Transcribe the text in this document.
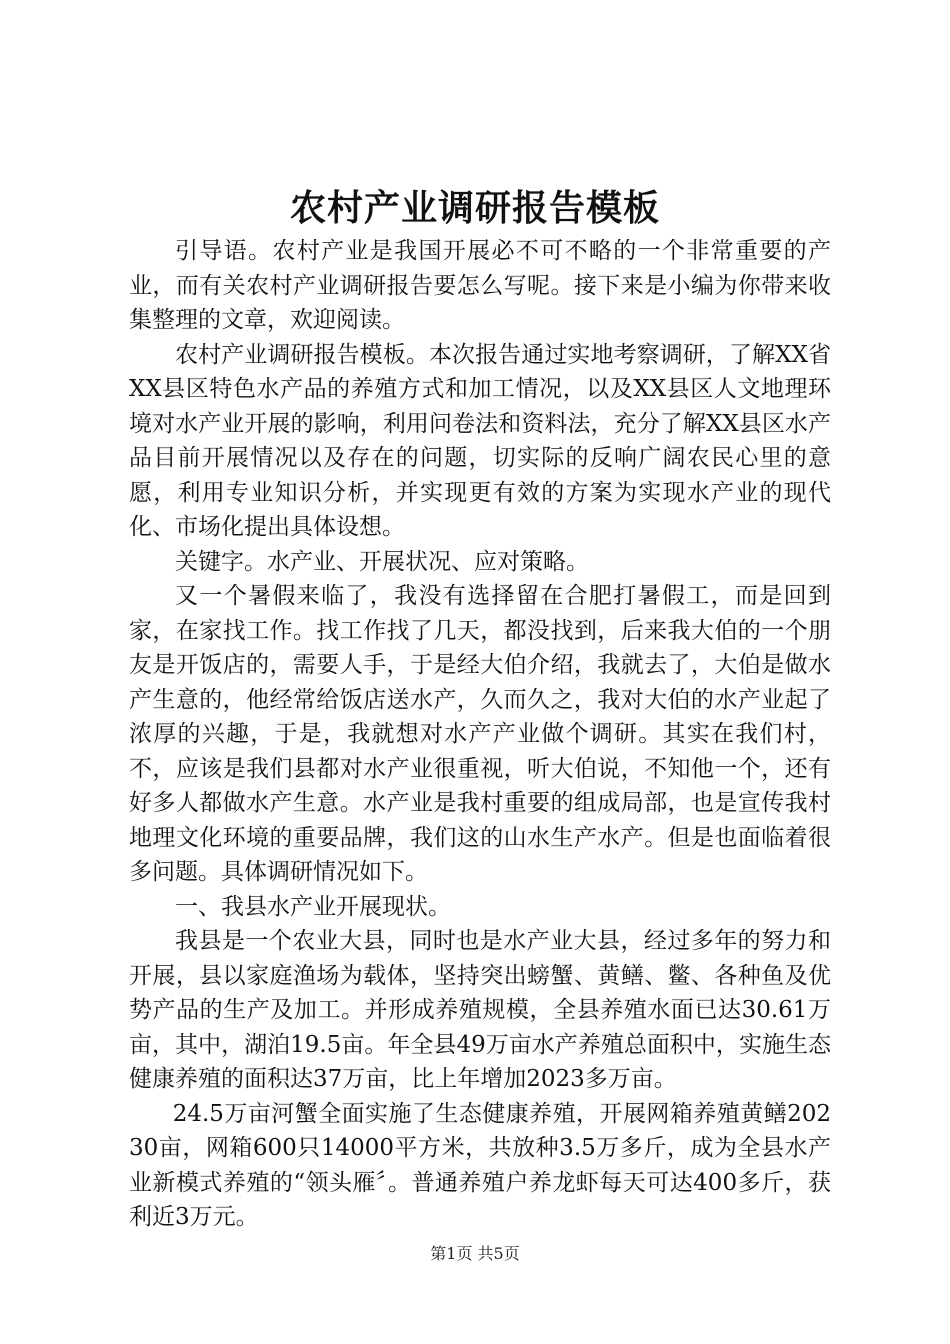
农村产业调研报告模板

引导语。农村产业是我国开展必不可不略的一个非常重要的产业，而有关农村产业调研报告要怎么写呢。接下来是小编为你带来收集整理的文章，欢迎阅读。

农村产业调研报告模板。本次报告通过实地考察调研，了解XX省XX县区特色水产品的养殖方式和加工情况，以及XX县区人文地理环境对水产业开展的影响，利用问卷法和资料法，充分了解XX县区水产品目前开展情况以及存在的问题，切实际的反响广阔农民心里的意愿，利用专业知识分析，并实现更有效的方案为实现水产业的现代化、市场化提出具体设想。

关键字。水产业、开展状况、应对策略。

又一个暑假来临了，我没有选择留在合肥打暑假工，而是回到家，在家找工作。找工作找了几天，都没找到，后来我大伯的一个朋友是开饭店的，需要人手，于是经大伯介绍，我就去了，大伯是做水产生意的，他经常给饭店送水产，久而久之，我对大伯的水产业起了浓厚的兴趣，于是，我就想对水产产业做个调研。其实在我们村，不，应该是我们县都对水产业很重视，听大伯说，不知他一个，还有好多人都做水产生意。水产业是我村重要的组成局部，也是宣传我村地理文化环境的重要品牌，我们这的山水生产水产。但是也面临着很多问题。具体调研情况如下。

一、我县水产业开展现状。

我县是一个农业大县，同时也是水产业大县，经过多年的努力和开展，县以家庭渔场为载体，坚持突出螃蟹、黄鳝、鳖、各种鱼及优势产品的生产及加工。并形成养殖规模，全县养殖水面已达30.61万亩，其中，湖泊19.5亩。年全县49万亩水产养殖总面积中，实施生态健康养殖的面积达37万亩，比上年增加2023多万亩。

24.5万亩河蟹全面实施了生态健康养殖，开展网箱养殖黄鳝20230亩，网箱600只14000平方米，共放种3.5万多斤，成为全县水产业新模式养殖的“领头雁〞。普通养殖户养龙虾每天可达400多斤，获利近3万元。

第1页 共5页
